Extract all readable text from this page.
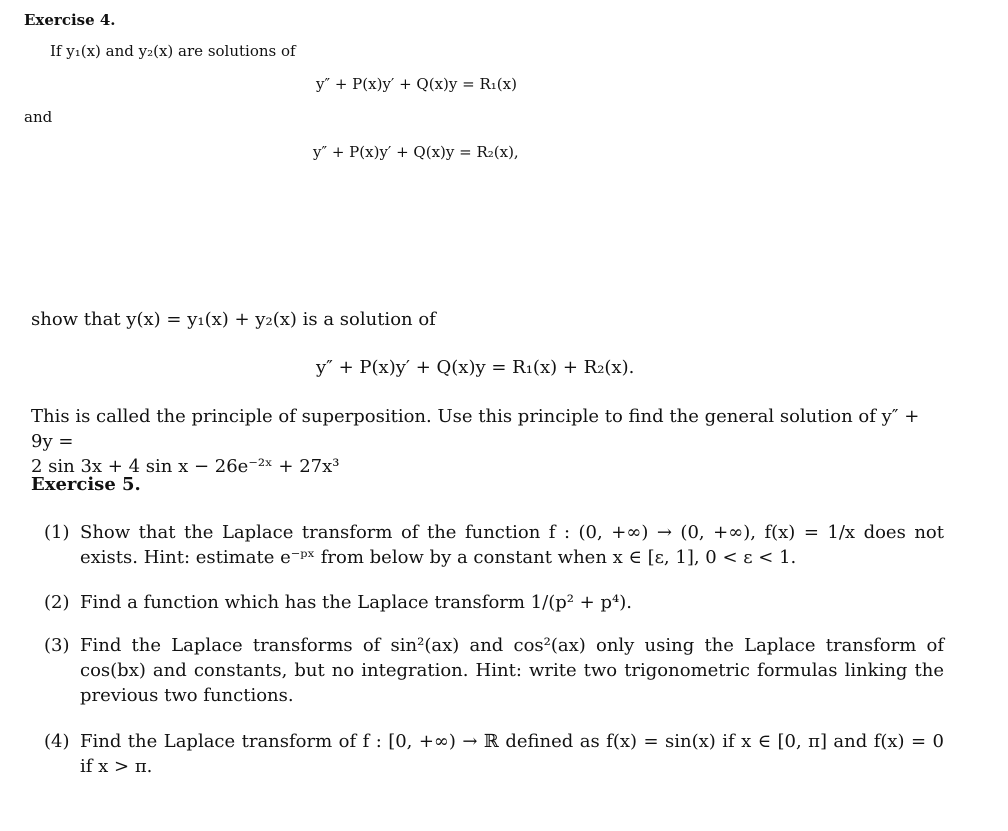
Exercise 4.
If y₁(x) and y₂(x) are solutions of
y″ + P(x)y′ + Q(x)y = R₁(x)
and
y″ + P(x)y′ + Q(x)y = R₂(x),
show that y(x) = y₁(x) + y₂(x) is a solution of
y″ + P(x)y′ + Q(x)y = R₁(x) + R₂(x).
This is called the principle of superposition. Use this principle to find the general solution of y″ + 9y =
2 sin 3x + 4 sin x − 26e⁻²ˣ + 27x³
Exercise 5.
(1) Show that the Laplace transform of the function f : (0, +∞) → (0, +∞), f(x) = 1/x does not exists. Hint: estimate e⁻ᵖˣ from below by a constant when x ∈ [ε, 1], 0 < ε < 1.
(2) Find a function which has the Laplace transform 1/(p² + p⁴).
(3) Find the Laplace transforms of sin²(ax) and cos²(ax) only using the Laplace transform of cos(bx) and constants, but no integration. Hint: write two trigonometric formulas linking the previous two functions.
(4) Find the Laplace transform of f : [0, +∞) → ℝ defined as f(x) = sin(x) if x ∈ [0, π] and f(x) = 0 if x > π.
